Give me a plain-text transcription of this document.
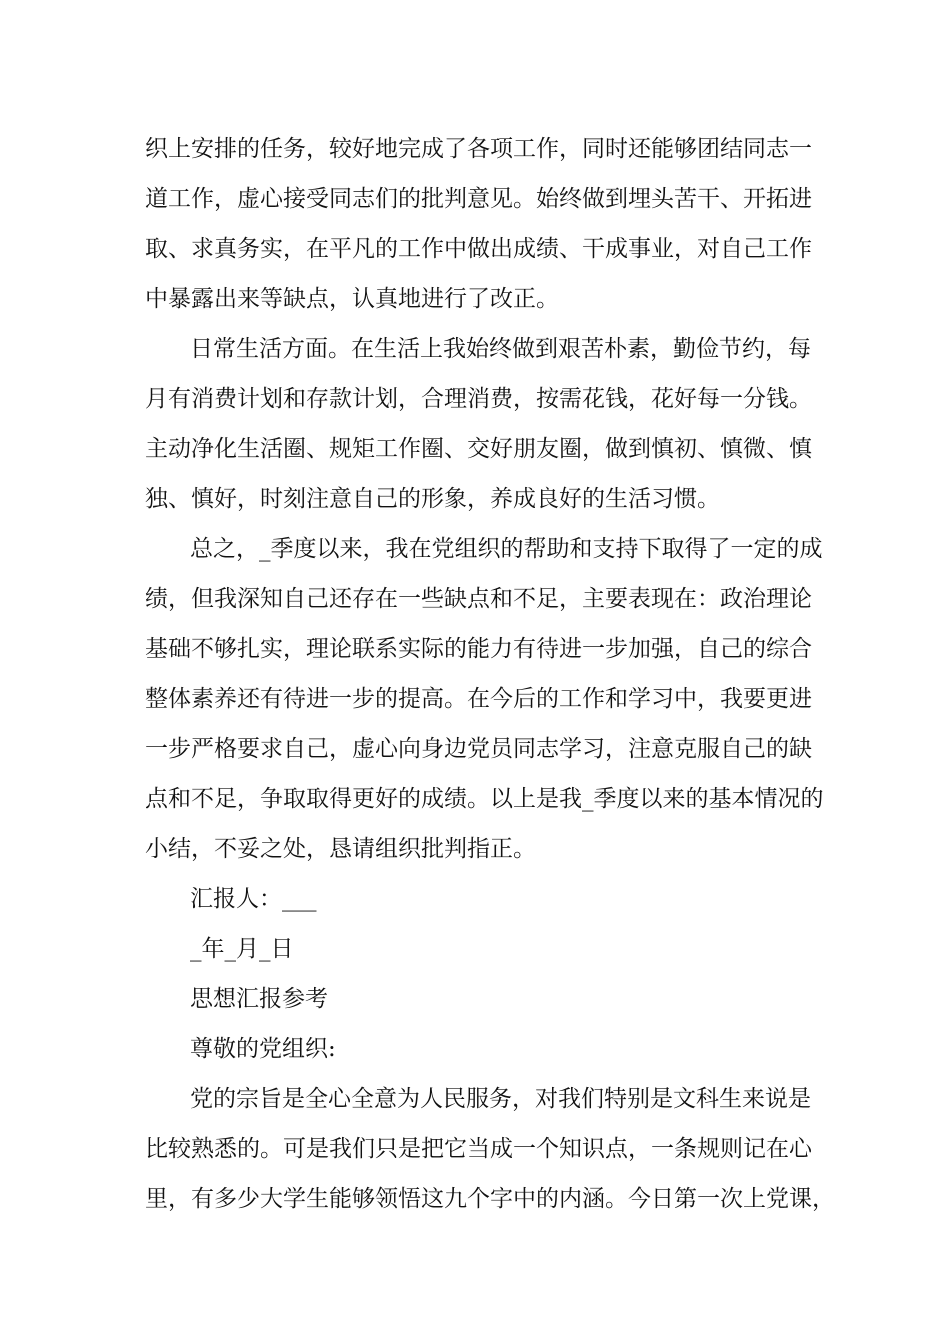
织上安排的任务，较好地完成了各项工作，同时还能够团结同志一
道工作，虚心接受同志们的批判意见。始终做到埋头苦干、开拓进
取、求真务实，在平凡的工作中做出成绩、干成事业，对自己工作
中暴露出来等缺点，认真地进行了改正。
日常生活方面。在生活上我始终做到艰苦朴素，勤俭节约，每
月有消费计划和存款计划，合理消费，按需花钱，花好每一分钱。
主动净化生活圈、规矩工作圈、交好朋友圈，做到慎初、慎微、慎
独、慎好，时刻注意自己的形象，养成良好的生活习惯。
总之，_季度以来，我在党组织的帮助和支持下取得了一定的成
绩，但我深知自己还存在一些缺点和不足，主要表现在：政治理论
基础不够扎实，理论联系实际的能力有待进一步加强，自己的综合
整体素养还有待进一步的提高。在今后的工作和学习中，我要更进
一步严格要求自己，虚心向身边党员同志学习，注意克服自己的缺
点和不足，争取取得更好的成绩。以上是我_季度以来的基本情况的
小结，不妥之处，恳请组织批判指正。
汇报人：___
_年_月_日
思想汇报参考
尊敬的党组织:
党的宗旨是全心全意为人民服务，对我们特别是文科生来说是
比较熟悉的。可是我们只是把它当成一个知识点，一条规则记在心
里，有多少大学生能够领悟这九个字中的内涵。今日第一次上党课，
